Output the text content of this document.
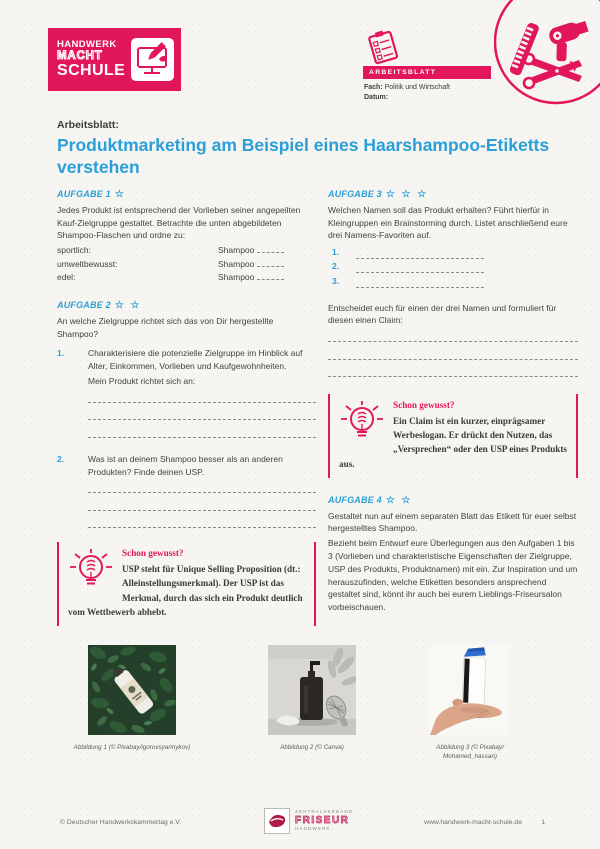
HANDWERK
MACHT
SCHULE	ARBEITSBLATT
Fach: Politik und Wirtschaft
Datum:
Arbeitsblatt:
Produktmarketing am Beispiel eines Haarshampoo-Etiketts verstehen
AUFGABE 1 ☆

Jedes Produkt ist entsprechend der Vorlieben seiner angepeilten Kauf-Zielgruppe gestaltet. Betrachte die unten abgebildeten Shampoo-Flaschen und ordne zu:

sportlich:	Shampoo
umweltbewusst:	Shampoo
edel:	Shampoo
AUFGABE 2 ☆ ☆

An welche Zielgruppe richtet sich das von Dir hergestellte Shampoo?

1.	Charakterisiere die potenzielle Zielgruppe im Hinblick auf Alter, Einkommen, Vorlieben und Kaufgewohnheiten.

Mein Produkt richtet sich an:

2.	Was ist an deinem Shampoo besser als an anderen Produkten? Finde deinen USP.

Schon gewusst?

USP steht für Unique Selling Proposition (dt.: Alleinstellungsmerkmal). Der USP ist das Merkmal, durch das sich ein Produkt deutlich vom Wettbewerb abhebt.

AUFGABE 3 ☆ ☆ ☆

Welchen Namen soll das Produkt erhalten? Führt hierfür in Kleingruppen ein Brainstorming durch. Listet anschließend eure drei Namens-Favoriten auf.

1.
2.
3.

Entscheidet euch für einen der drei Namen und formuliert für diesen einen Claim:

Schon gewusst?

Ein Claim ist ein kurzer, einprägsamer Werbeslogan. Er drückt den Nutzen, das „Versprechen“ oder den USP eines Produkts aus.

AUFGABE 4 ☆ ☆

Gestaltet nun auf einem separaten Blatt das Etikett für euer selbst hergestelltes Shampoo.

Bezieht beim Entwurf eure Überlegungen aus den Aufgaben 1 bis 3 (Vorlieben und charakteristische Eigenschaften der Zielgruppe, USP des Produkts, Produktnamen) mit ein. Zur Inspiration und um herauszufinden, welche Etiketten besonders ansprechend gestaltet sind, könnt ihr auch bei eurem Lieblings-Friseursalon vorbeischauen.

Abbildung 1 (© Pixabay/igorovsyannykov)	Abbildung 2 (© Canva)	Abbildung 3 (© Pixabay/
Mohamed_hassan)
© Deutscher Handwerkskammertag e.V.
ZENTRALVERBAND
FRISEUR
HANDWERK
www.handwerk-macht-schule.de	1
